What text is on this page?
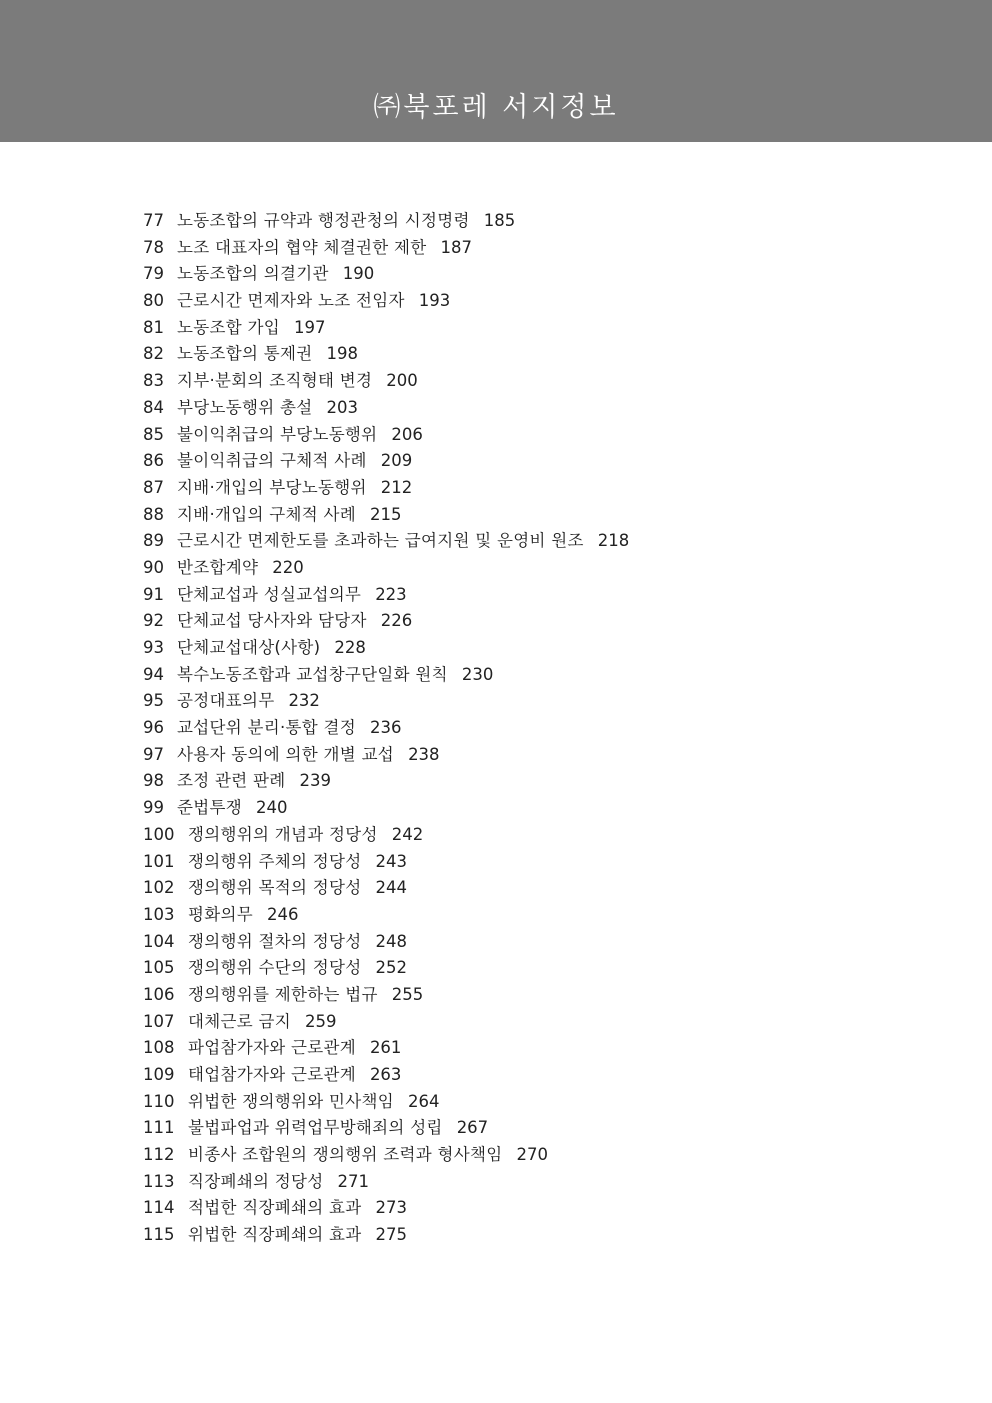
㈜북포레 서지정보
77 노동조합의 규약과 행정관청의 시정명령 185
78 노조 대표자의 협약 체결권한 제한 187
79 노동조합의 의결기관 190
80 근로시간 면제자와 노조 전임자 193
81 노동조합 가입 197
82 노동조합의 통제권 198
83 지부·분회의 조직형태 변경 200
84 부당노동행위 총설 203
85 불이익취급의 부당노동행위 206
86 불이익취급의 구체적 사례 209
87 지배·개입의 부당노동행위 212
88 지배·개입의 구체적 사례 215
89 근로시간 면제한도를 초과하는 급여지원 및 운영비 원조 218
90 반조합계약 220
91 단체교섭과 성실교섭의무 223
92 단체교섭 당사자와 담당자 226
93 단체교섭대상(사항) 228
94 복수노동조합과 교섭창구단일화 원칙 230
95 공정대표의무 232
96 교섭단위 분리·통합 결정 236
97 사용자 동의에 의한 개별 교섭 238
98 조정 관련 판례 239
99 준법투쟁 240
100 쟁의행위의 개념과 정당성 242
101 쟁의행위 주체의 정당성 243
102 쟁의행위 목적의 정당성 244
103 평화의무 246
104 쟁의행위 절차의 정당성 248
105 쟁의행위 수단의 정당성 252
106 쟁의행위를 제한하는 법규 255
107 대체근로 금지 259
108 파업참가자와 근로관계 261
109 태업참가자와 근로관계 263
110 위법한 쟁의행위와 민사책임 264
111 불법파업과 위력업무방해죄의 성립 267
112 비종사 조합원의 쟁의행위 조력과 형사책임 270
113 직장폐쇄의 정당성 271
114 적법한 직장폐쇄의 효과 273
115 위법한 직장폐쇄의 효과 275
